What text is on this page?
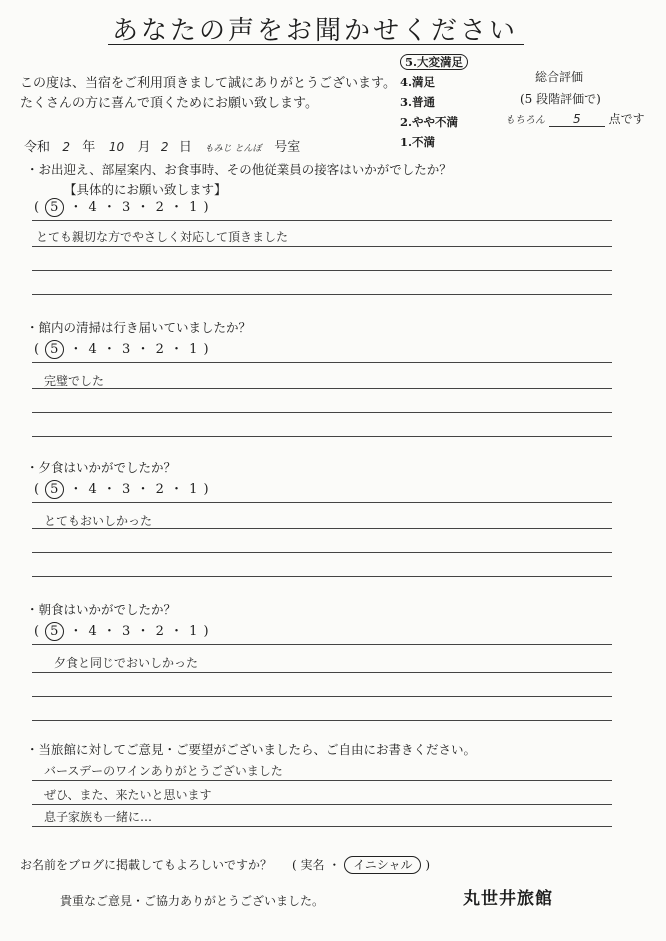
あなたの声をお聞かせください
この度は、当宿をご利用頂きまして誠にありがとうございます。
たくさんの方に喜んで頂くためにお願い致します。
5.大変満足
4.満足
3.普通
2.やや不満
1.不満
総合評価
(5 段階評価で)
もちろん 5 点です
令和 2 年 10 月 2 日 もみじ とんぼ 号室
・お出迎え、部屋案内、お食事時、その他従業員の接客はいかがでしたか？
【具体的にお願い致します】
( 5 ・ 4 ・ 3 ・ 2 ・ 1 )
とても親切な方でやさしく対応して頂きました
・館内の清掃は行き届いていましたか？
( 5 ・ 4 ・ 3 ・ 2 ・ 1 )
完璧でした
・夕食はいかがでしたか？
( 5 ・ 4 ・ 3 ・ 2 ・ 1 )
とてもおいしかった
・朝食はいかがでしたか？
( 5 ・ 4 ・ 3 ・ 2 ・ 1 )
夕食と同じでおいしかった
・当旅館に対してご意見・ご要望がございましたら、ご自由にお書きください。
バースデーのワインありがとうございました
ぜひ、また、来たいと思います
息子家族も一緒に…
お名前をブログに掲載してもよろしいですか？ ( 実名 ・ イニシャル )
貴重なご意見・ご協力ありがとうございました。	丸世井旅館
